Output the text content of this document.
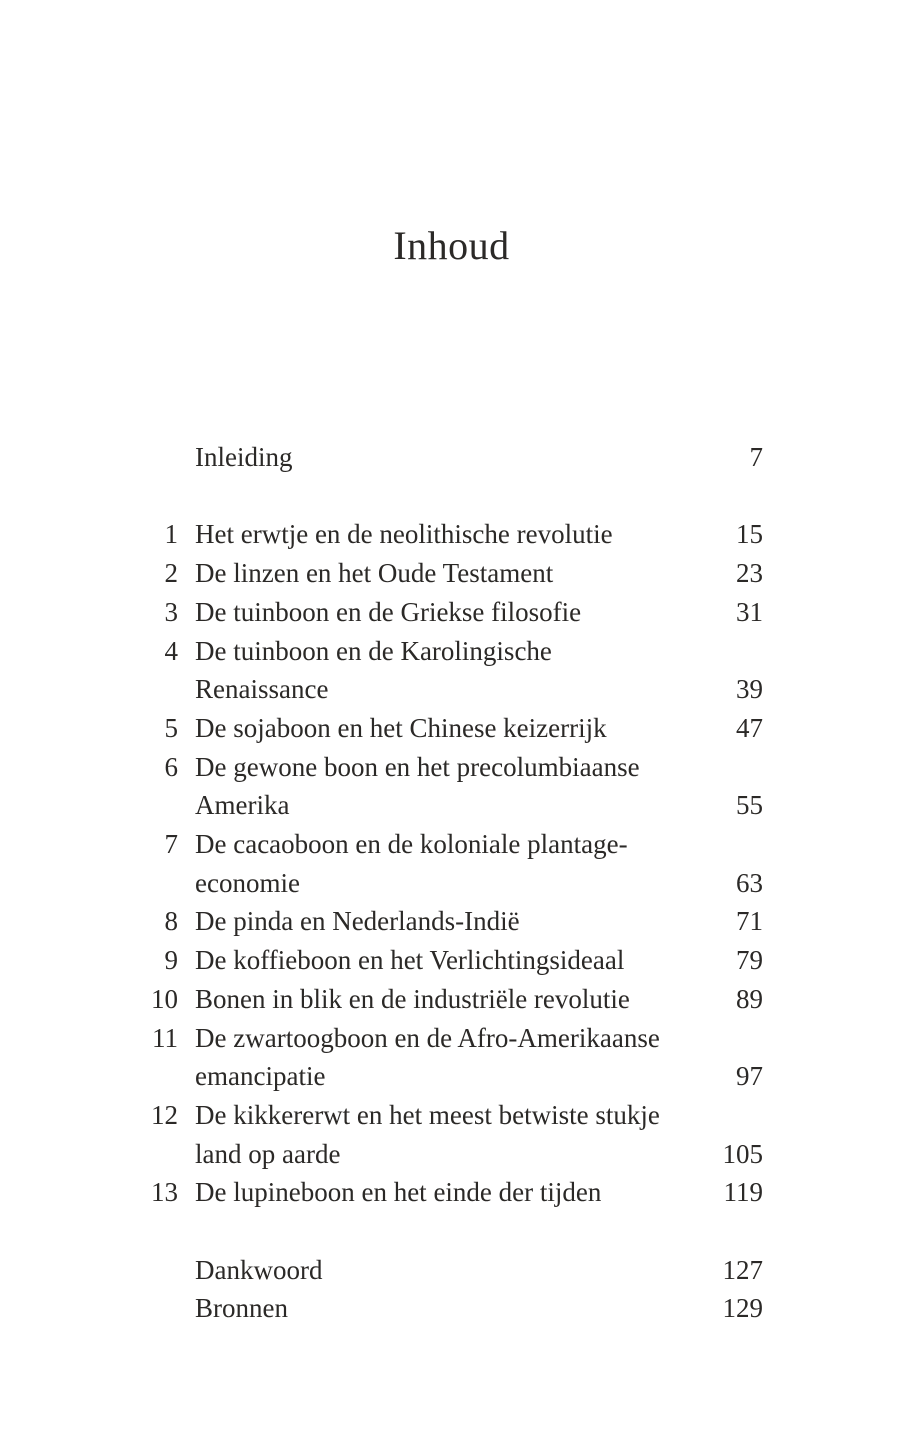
Inhoud
Inleiding	7
1 Het erwtje en de neolithische revolutie	15
2 De linzen en het Oude Testament	23
3 De tuinboon en de Griekse filosofie	31
4 De tuinboon en de Karolingische Renaissance	39
5 De sojaboon en het Chinese keizerrijk	47
6 De gewone boon en het precolumbiaanse
Amerika	55
7 De cacaoboon en de koloniale plantage-
economie	63
8 De pinda en Nederlands-Indië	71
9 De koffieboon en het Verlichtingsideaal	79
10 Bonen in blik en de industriële revolutie	89
11 De zwartoogboon en de Afro-Amerikaanse
emancipatie	97
12 De kikkererwt en het meest betwiste stukje
land op aarde	105
13 De lupineboon en het einde der tijden	119
Dankwoord	127
Bronnen	129
